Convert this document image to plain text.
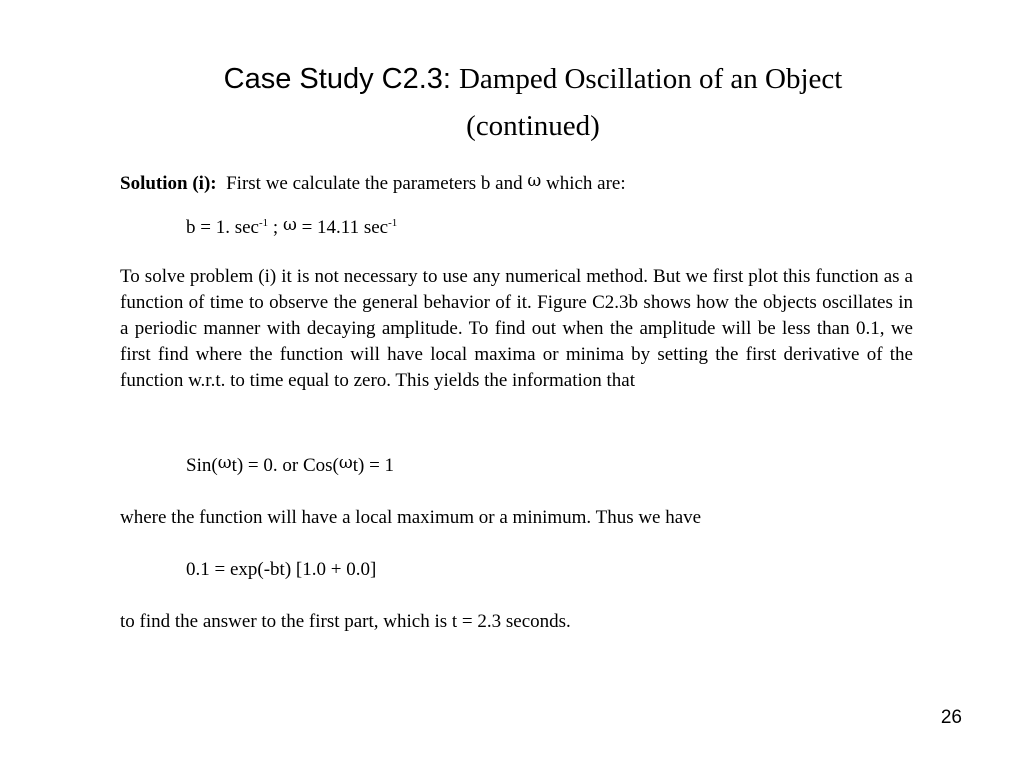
Case Study C2.3: Damped Oscillation of an Object
(continued)
Solution (i): First we calculate the parameters b and ω which are:
b = 1. $\sec^{-1}$ ; ω = 14.11 $\sec^{-1}$
To solve problem (i) it is not necessary to use any numerical method. But we first plot this function as a function of time to observe the general behavior of it. Figure C2.3b shows how the objects oscillates in a periodic manner with decaying amplitude. To find out when the amplitude will be less than 0.1, we first find where the function will have local maxima or minima by setting the first derivative of the function w.r.t. to time equal to zero. This yields the information that
Sin(ωt) = 0. or Cos(ωt) = 1
where the function will have a local maximum or a minimum. Thus we have
0.1 = exp(-bt) [1.0 + 0.0]
to find the answer to the first part, which is t = 2.3 seconds.
26
